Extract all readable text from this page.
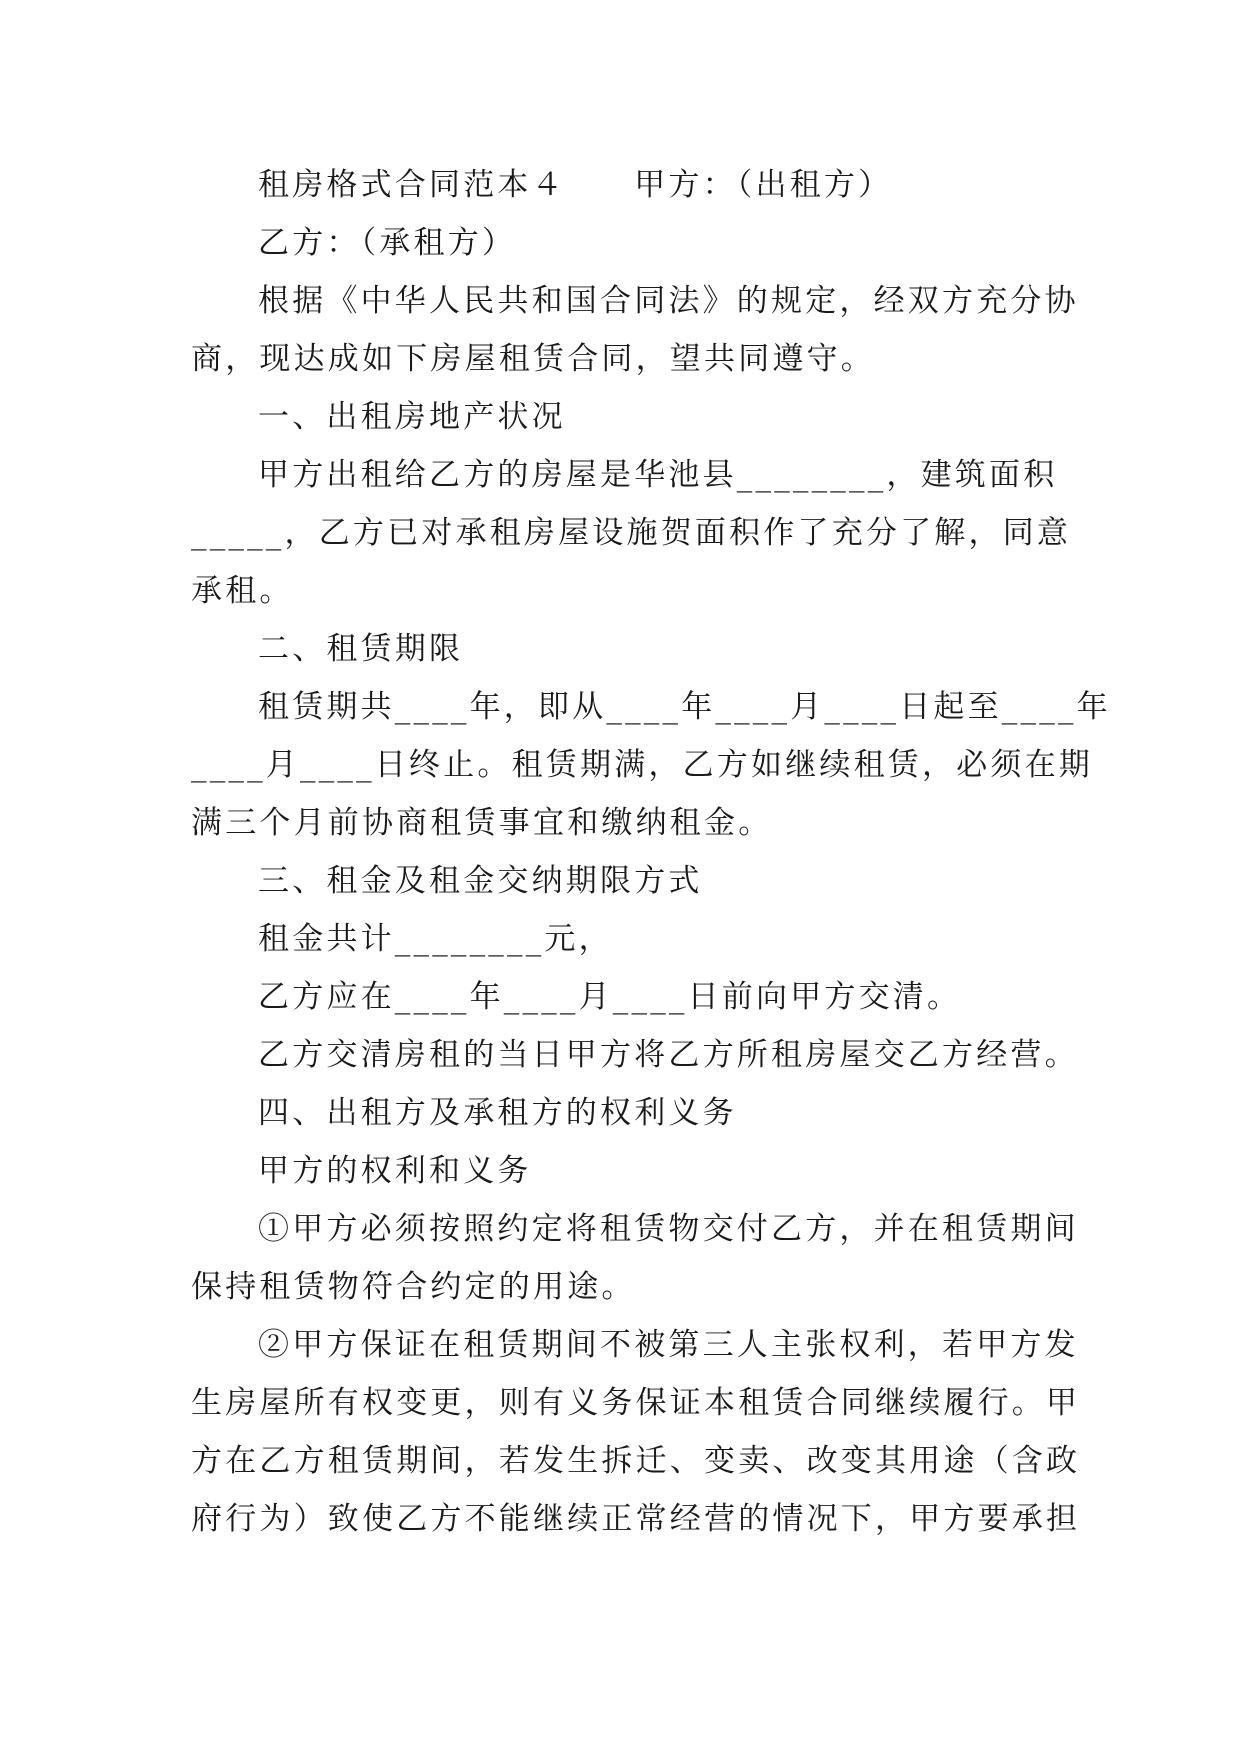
租房格式合同范本４　　甲方：（出租方）
乙方：（承租方）
根据《中华人民共和国合同法》的规定，经双方充分协
商，现达成如下房屋租赁合同，望共同遵守。
一、出租房地产状况
甲方出租给乙方的房屋是华池县________，建筑面积
_____，乙方已对承租房屋设施贺面积作了充分了解，同意
承租。
二、租赁期限
租赁期共____年，即从____年____月____日起至____年
____月____日终止。租赁期满，乙方如继续租赁，必须在期
满三个月前协商租赁事宜和缴纳租金。
三、租金及租金交纳期限方式
租金共计________元，
乙方应在____年____月____日前向甲方交清。
乙方交清房租的当日甲方将乙方所租房屋交乙方经营。
四、出租方及承租方的权利义务
甲方的权利和义务
①甲方必须按照约定将租赁物交付乙方，并在租赁期间
保持租赁物符合约定的用途。
②甲方保证在租赁期间不被第三人主张权利，若甲方发
生房屋所有权变更，则有义务保证本租赁合同继续履行。甲
方在乙方租赁期间，若发生拆迁、变卖、改变其用途（含政
府行为）致使乙方不能继续正常经营的情况下，甲方要承担
